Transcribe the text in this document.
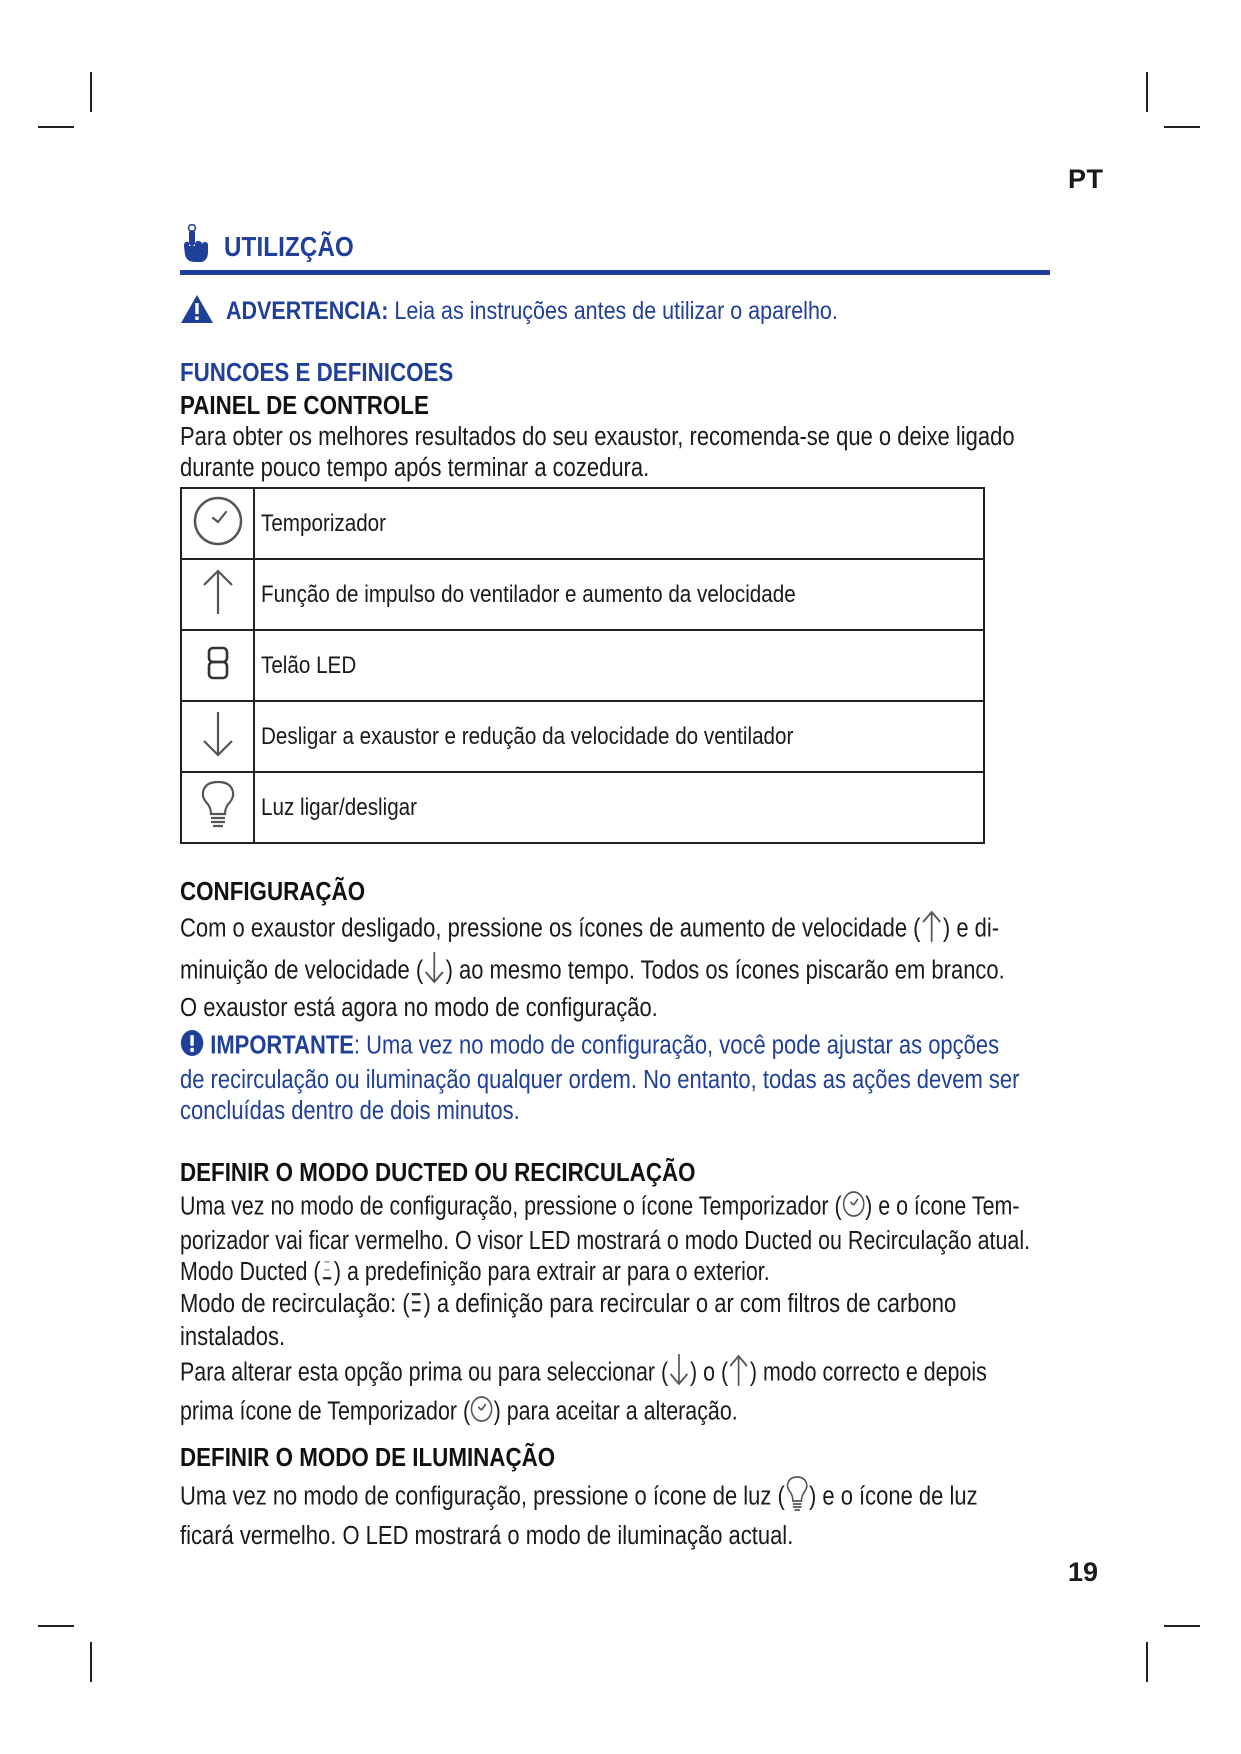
PT
UTILIZÇÃO
ADVERTENCIA: Leia as instruções antes de utilizar o aparelho.
FUNCOES E DEFINICOES
PAINEL DE CONTROLE
Para obter os melhores resultados do seu exaustor, recomenda-se que o deixe ligado
durante pouco tempo após terminar a cozedura.
	Temporizador
	Função de impulso do ventilador e aumento da velocidade
	Telão LED
	Desligar a exaustor e redução da velocidade do ventilador
	Luz ligar/desligar
CONFIGURAÇÃO
Com o exaustor desligado, pressione os ícones de aumento de velocidade ( ) e di-
minuição de velocidade ( ) ao mesmo tempo. Todos os ícones piscarão em branco.
O exaustor está agora no modo de configuração.
IMPORTANTE: Uma vez no modo de configuração, você pode ajustar as opções
de recirculação ou iluminação qualquer ordem. No entanto, todas as ações devem ser
concluídas dentro de dois minutos.
DEFINIR O MODO DUCTED OU RECIRCULAÇÃO
Uma vez no modo de configuração, pressione o ícone Temporizador ( ) e o ícone Tem-
porizador vai ficar vermelho. O visor LED mostrará o modo Ducted ou Recirculação atual.
Modo Ducted ( ) a predefinição para extrair ar para o exterior.
Modo de recirculação: ( ) a definição para recircular o ar com filtros de carbono
instalados.
Para alterar esta opção prima ou para seleccionar ( ) o ( ) modo correcto e depois
prima ícone de Temporizador ( ) para aceitar a alteração.
DEFINIR O MODO DE ILUMINAÇÃO
Uma vez no modo de configuração, pressione o ícone de luz ( ) e o ícone de luz
ficará vermelho. O LED mostrará o modo de iluminação actual.
19
